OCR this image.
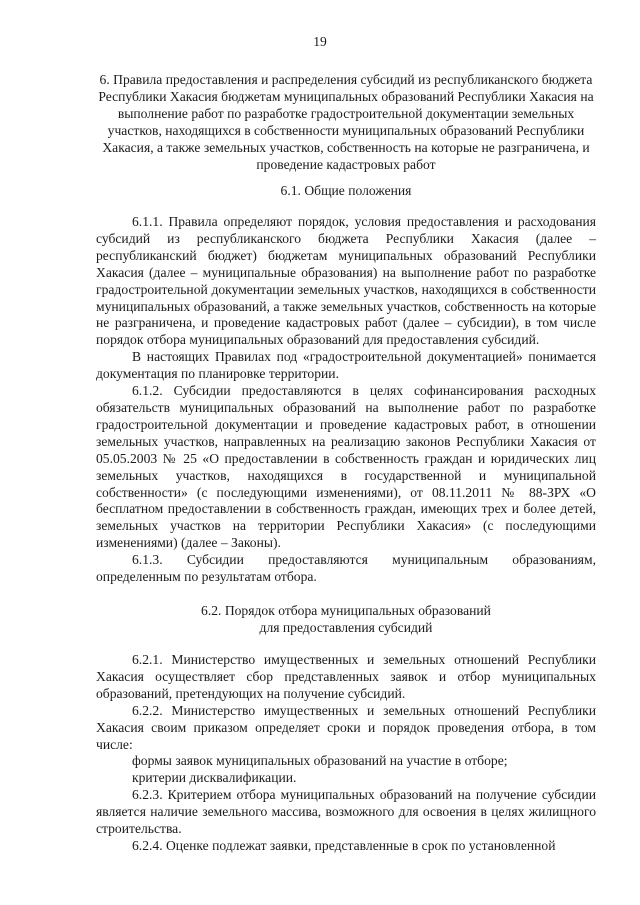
19
6. Правила предоставления и распределения субсидий из республиканского бюджета Республики Хакасия бюджетам муниципальных образований Республики Хакасия на выполнение работ по разработке градостроительной документации земельных участков, находящихся в собственности муниципальных образований Республики Хакасия, а также земельных участков, собственность на которые не разграничена, и проведение кадастровых работ
6.1. Общие положения

6.1.1. Правила определяют порядок, условия предоставления и расходования субсидий из республиканского бюджета Республики Хакасия (далее – республиканский бюджет) бюджетам муниципальных образований Республики Хакасия (далее – муниципальные образования) на выполнение работ по разработке градостроительной документации земельных участков, находящихся в собственности муниципальных образований, а также земельных участков, собственность на которые не разграничена, и проведение кадастровых работ (далее – субсидии), в том числе порядок отбора муниципальных образований для предоставления субсидий.

В настоящих Правилах под «градостроительной документацией» понимается документация по планировке территории.

6.1.2. Субсидии предоставляются в целях софинансирования расходных обязательств муниципальных образований на выполнение работ по разработке градостроительной документации и проведение кадастровых работ, в отношении земельных участков, направленных на реализацию законов Республики Хакасия от 05.05.2003 № 25 «О предоставлении в собственность граждан и юридических лиц земельных участков, находящихся в государственной и муниципальной собственности» (с последующими изменениями), от 08.11.2011 № 88-ЗРХ «О бесплатном предоставлении в собственность граждан, имеющих трех и более детей, земельных участков на территории Республики Хакасия» (с последующими изменениями) (далее – Законы).

6.1.3. Субсидии предоставляются муниципальным образованиям, определенным по результатам отбора.

6.2. Порядок отбора муниципальных образований
для предоставления субсидий

6.2.1. Министерство имущественных и земельных отношений Республики Хакасия осуществляет сбор представленных заявок и отбор муниципальных образований, претендующих на получение субсидий.

6.2.2. Министерство имущественных и земельных отношений Республики Хакасия своим приказом определяет сроки и порядок проведения отбора, в том числе:

формы заявок муниципальных образований на участие в отборе;

критерии дисквалификации.

6.2.3. Критерием отбора муниципальных образований на получение субсидии является наличие земельного массива, возможного для освоения в целях жилищного строительства.

6.2.4. Оценке подлежат заявки, представленные в срок по установленной
